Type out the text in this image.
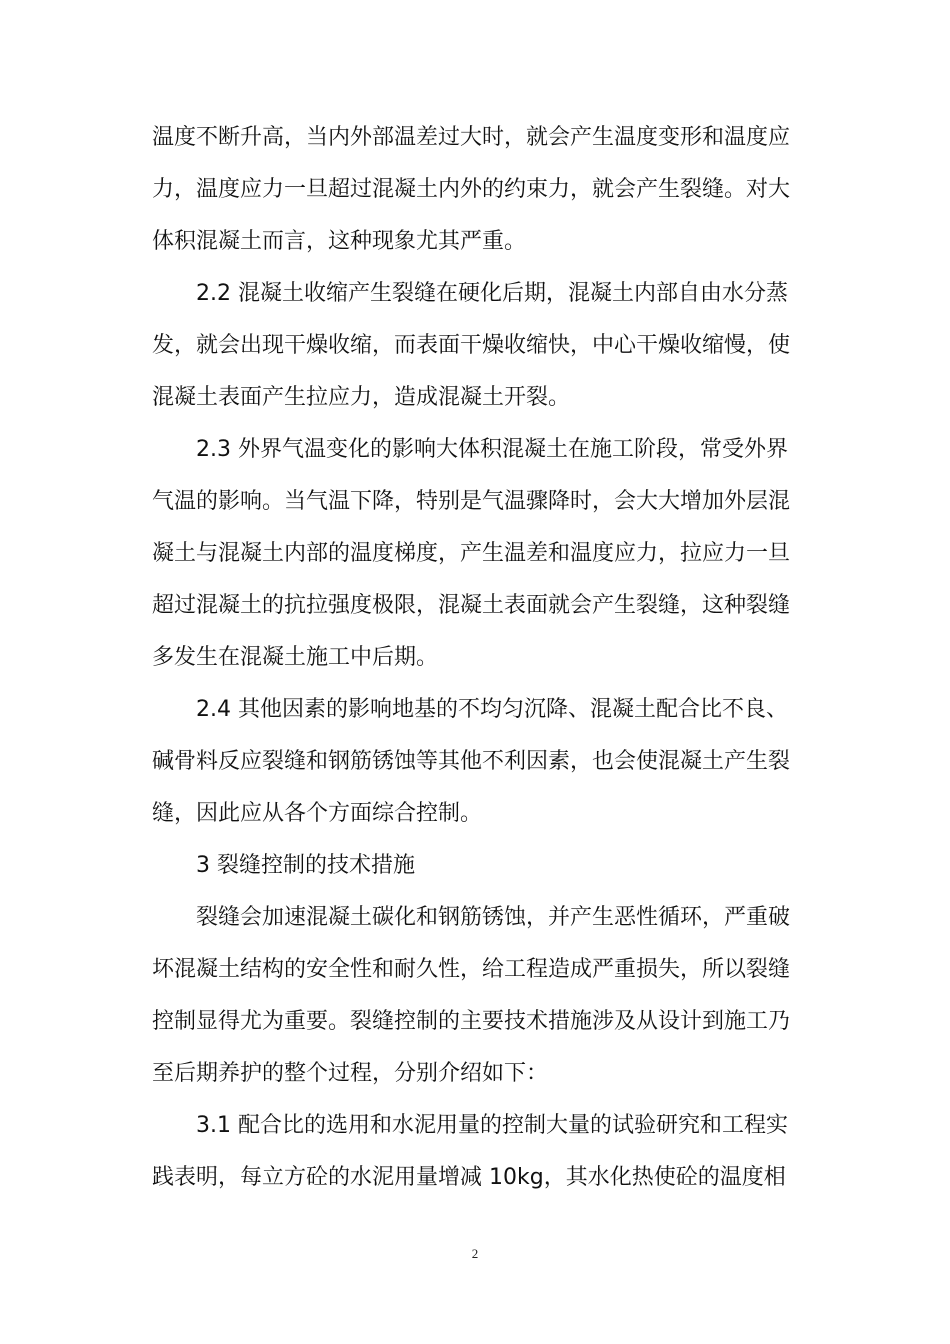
温度不断升高，当内外部温差过大时，就会产生温度变形和温度应
力，温度应力一旦超过混凝土内外的约束力，就会产生裂缝。对大
体积混凝土而言，这种现象尤其严重。
2.2 混凝土收缩产生裂缝在硬化后期，混凝土内部自由水分蒸
发，就会出现干燥收缩，而表面干燥收缩快，中心干燥收缩慢，使
混凝土表面产生拉应力，造成混凝土开裂。
2.3 外界气温变化的影响大体积混凝土在施工阶段，常受外界
气温的影响。当气温下降，特别是气温骤降时，会大大增加外层混
凝土与混凝土内部的温度梯度，产生温差和温度应力，拉应力一旦
超过混凝土的抗拉强度极限，混凝土表面就会产生裂缝，这种裂缝
多发生在混凝土施工中后期。
2.4 其他因素的影响地基的不均匀沉降、混凝土配合比不良、
碱骨料反应裂缝和钢筋锈蚀等其他不利因素，也会使混凝土产生裂
缝，因此应从各个方面综合控制。
3 裂缝控制的技术措施
裂缝会加速混凝土碳化和钢筋锈蚀，并产生恶性循环，严重破
坏混凝土结构的安全性和耐久性，给工程造成严重损失，所以裂缝
控制显得尤为重要。裂缝控制的主要技术措施涉及从设计到施工乃
至后期养护的整个过程，分别介绍如下：
3.1 配合比的选用和水泥用量的控制大量的试验研究和工程实
践表明，每立方砼的水泥用量增减 10kg，其水化热使砼的温度相
2
